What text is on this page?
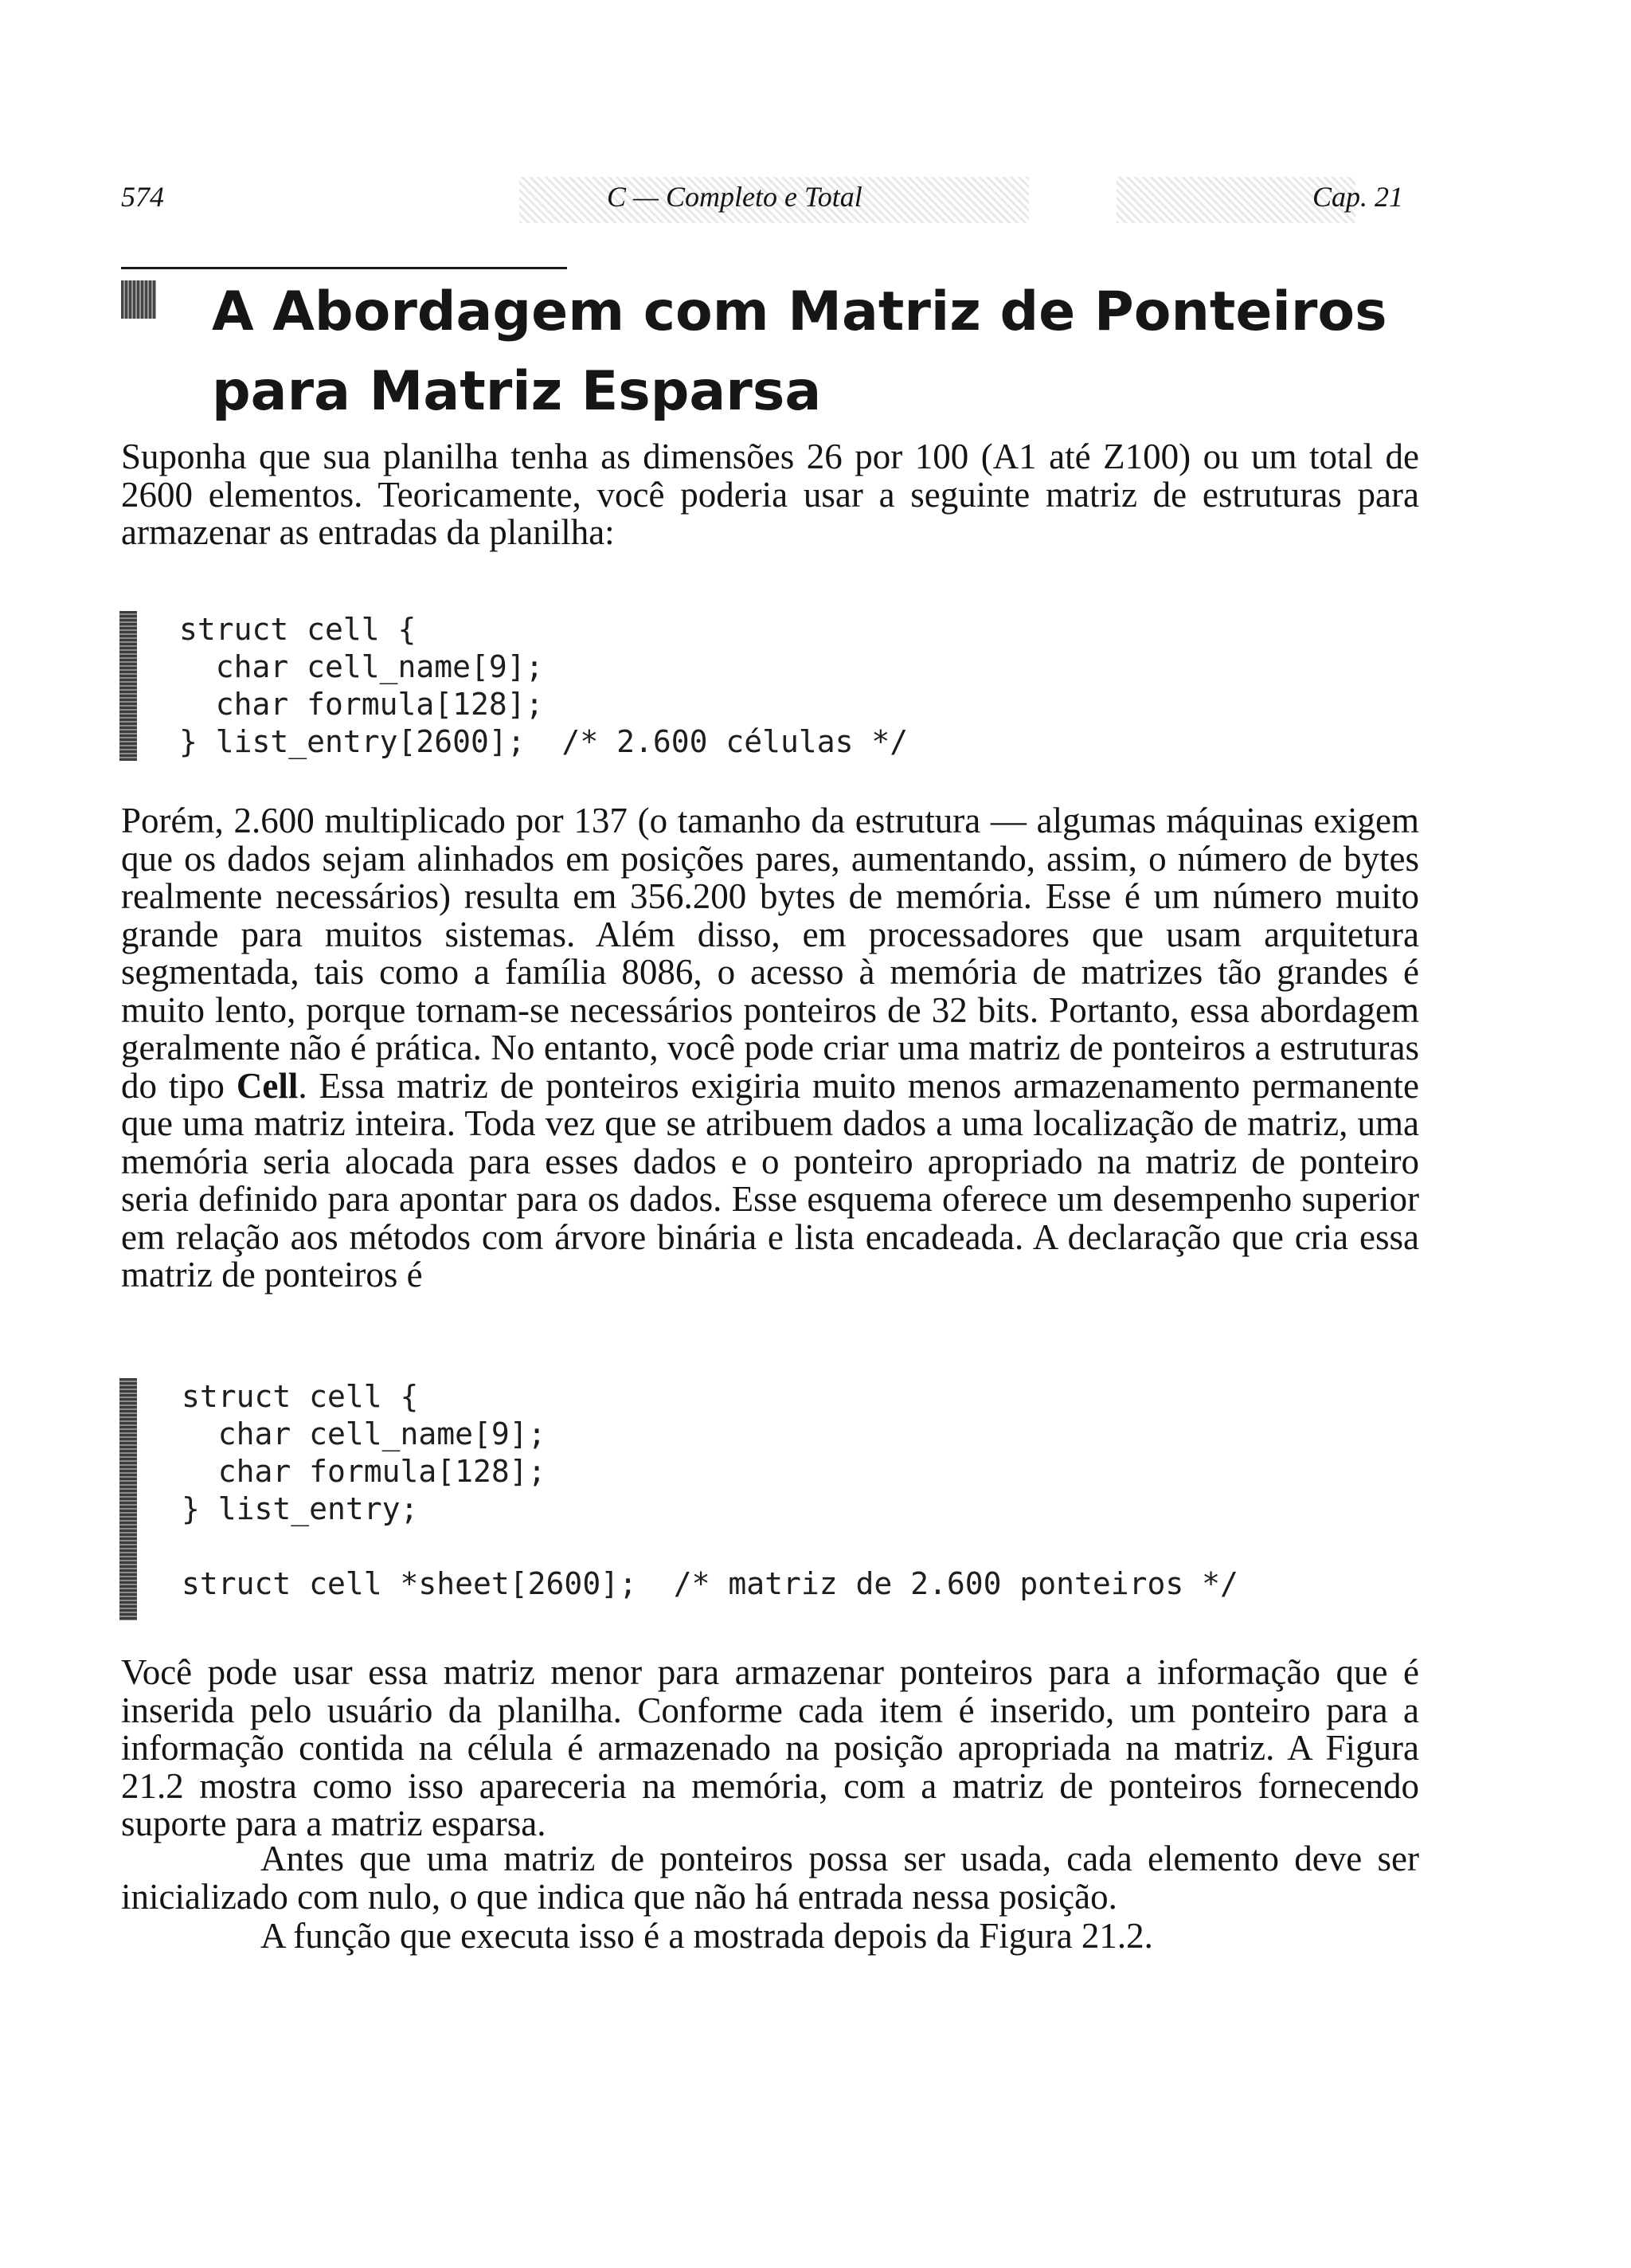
574	C — Completo e Total	Cap. 21
A Abordagem com Matriz de Ponteiros para Matriz Esparsa

Suponha que sua planilha tenha as dimensões 26 por 100 (A1 até Z100) ou um total de 2600 elementos. Teoricamente, você poderia usar a seguinte matriz de estruturas para armazenar as entradas da planilha:

struct cell {
char cell_name[9];
char formula[128];
} list_entry[2600];  /* 2.600 células */

Porém, 2.600 multiplicado por 137 (o tamanho da estrutura — algumas máquinas exigem que os dados sejam alinhados em posições pares, aumentando, assim, o número de bytes realmente necessários) resulta em 356.200 bytes de memória. Esse é um número muito grande para muitos sistemas. Além disso, em processadores que usam arquitetura segmentada, tais como a família 8086, o acesso à memória de matrizes tão grandes é muito lento, porque tornam-se necessários ponteiros de 32 bits. Portanto, essa abordagem geralmente não é prática. No entanto, você pode criar uma matriz de ponteiros a estruturas do tipo Cell. Essa matriz de ponteiros exigiria muito menos armazenamento permanente que uma matriz inteira. Toda vez que se atribuem dados a uma localização de matriz, uma memória seria alocada para esses dados e o ponteiro apropriado na matriz de ponteiro seria definido para apontar para os dados. Esse esquema oferece um desempenho superior em relação aos métodos com árvore binária e lista encadeada. A declaração que cria essa matriz de ponteiros é

struct cell {
char cell_name[9];
char formula[128];
} list_entry;

struct cell *sheet[2600];  /* matriz de 2.600 ponteiros */

Você pode usar essa matriz menor para armazenar ponteiros para a informação que é inserida pelo usuário da planilha. Conforme cada item é inserido, um ponteiro para a informação contida na célula é armazenado na posição apropriada na matriz. A Figura 21.2 mostra como isso apareceria na memória, com a matriz de ponteiros fornecendo suporte para a matriz esparsa.

Antes que uma matriz de ponteiros possa ser usada, cada elemento deve ser inicializado com nulo, o que indica que não há entrada nessa posição.

A função que executa isso é a mostrada depois da Figura 21.2.
